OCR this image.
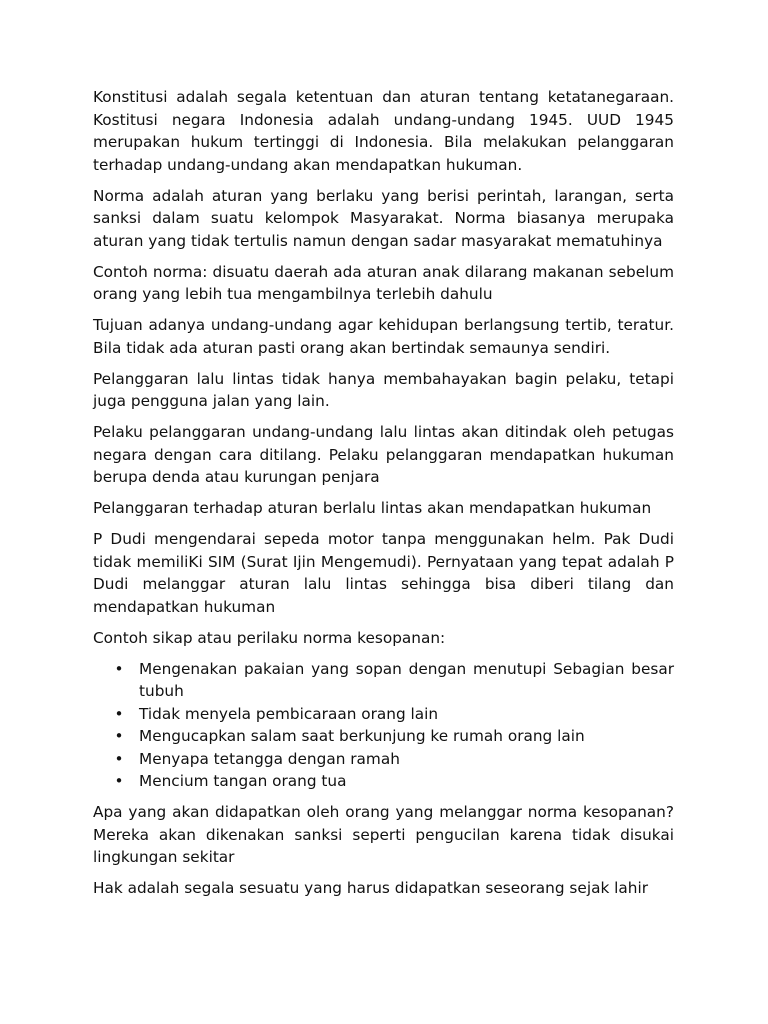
Konstitusi adalah segala ketentuan dan aturan tentang ketatanegaraan. Kostitusi negara Indonesia adalah undang-undang 1945. UUD 1945 merupakan hukum tertinggi di Indonesia. Bila melakukan pelanggaran terhadap undang-undang akan mendapatkan hukuman.

Norma adalah aturan yang berlaku yang berisi perintah, larangan, serta sanksi dalam suatu kelompok Masyarakat. Norma biasanya merupaka aturan yang tidak tertulis namun dengan sadar masyarakat mematuhinya

Contoh norma: disuatu daerah ada aturan anak dilarang makanan sebelum orang yang lebih tua mengambilnya terlebih dahulu

Tujuan adanya undang-undang agar kehidupan berlangsung tertib, teratur. Bila tidak ada aturan pasti orang akan bertindak semaunya sendiri.

Pelanggaran lalu lintas tidak hanya membahayakan bagin pelaku, tetapi juga pengguna jalan yang lain.

Pelaku pelanggaran undang-undang lalu lintas akan ditindak oleh petugas negara dengan cara ditilang. Pelaku pelanggaran mendapatkan hukuman berupa denda atau kurungan penjara

Pelanggaran terhadap aturan berlalu lintas akan mendapatkan hukuman

P Dudi mengendarai sepeda motor tanpa menggunakan helm. Pak Dudi tidak memiliKi SIM (Surat Ijin Mengemudi). Pernyataan yang tepat adalah P Dudi melanggar aturan lalu lintas sehingga bisa diberi tilang dan mendapatkan hukuman

Contoh sikap atau perilaku norma kesopanan:

• Mengenakan pakaian yang sopan dengan menutupi Sebagian besar tubuh
• Tidak menyela pembicaraan orang lain
• Mengucapkan salam saat berkunjung ke rumah orang lain
• Menyapa tetangga dengan ramah
• Mencium tangan orang tua

Apa yang akan didapatkan oleh orang yang melanggar norma kesopanan? Mereka akan dikenakan sanksi seperti pengucilan karena tidak disukai lingkungan sekitar

Hak adalah segala sesuatu yang harus didapatkan seseorang sejak lahir
